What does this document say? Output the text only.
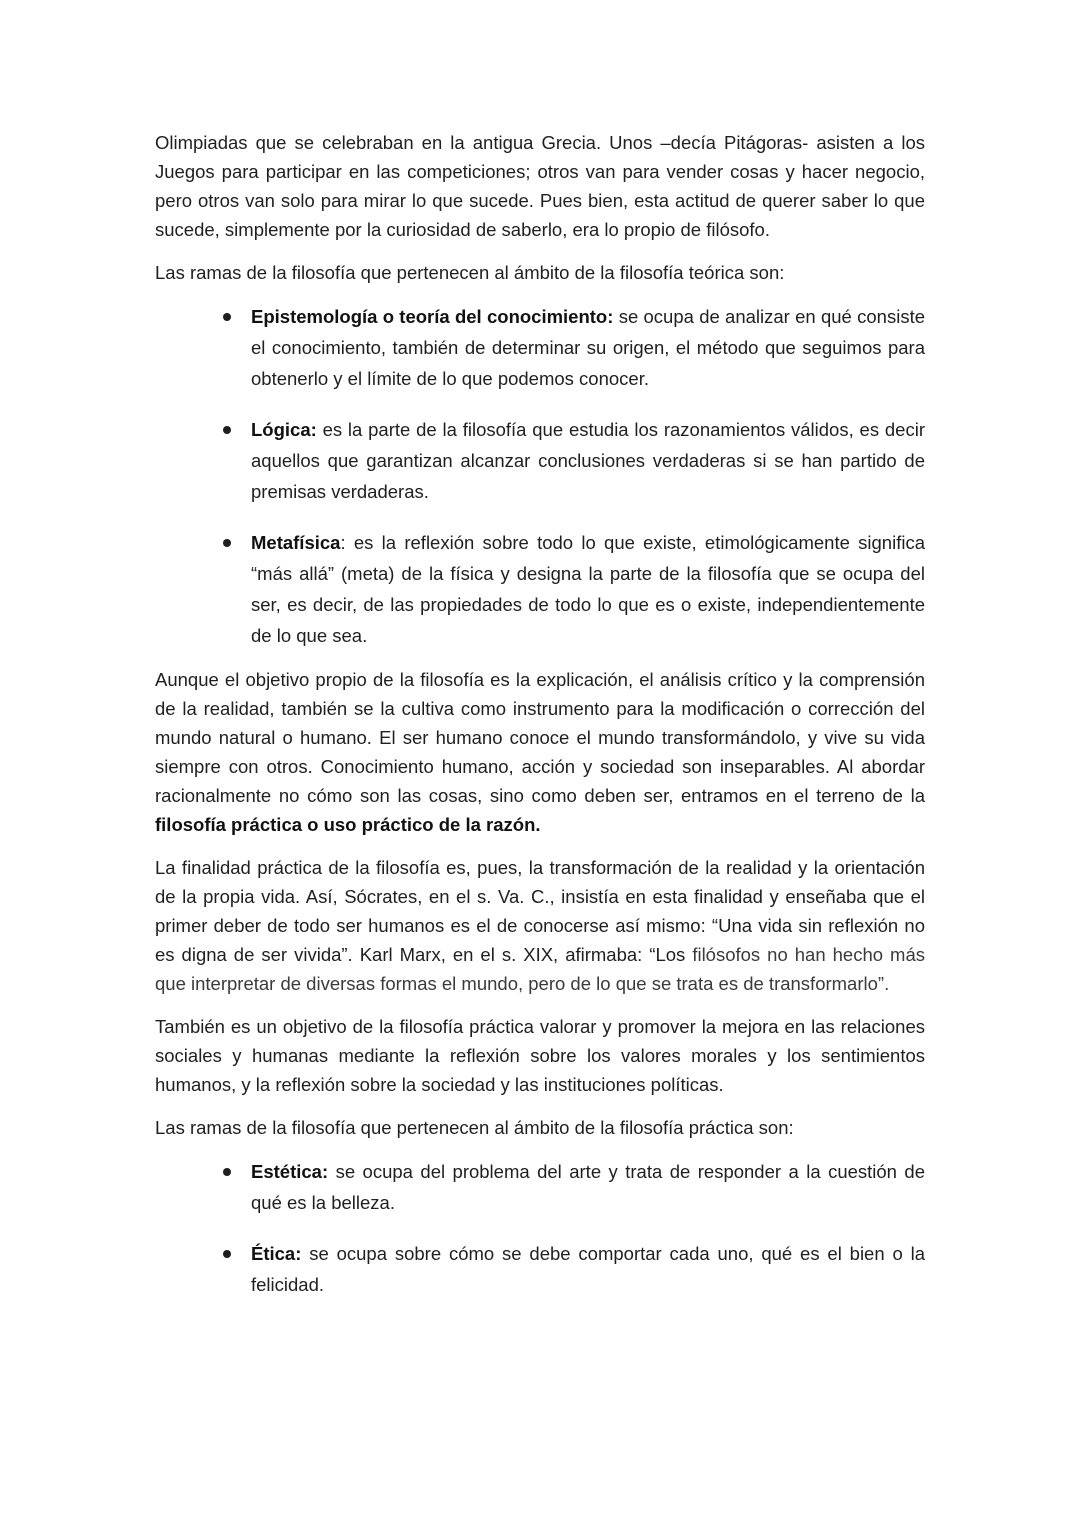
Olimpiadas que se celebraban en la antigua Grecia. Unos –decía Pitágoras- asisten a los Juegos para participar en las competiciones; otros van para vender cosas y hacer negocio, pero otros van solo para mirar lo que sucede. Pues bien, esta actitud de querer saber lo que sucede, simplemente por la curiosidad de saberlo, era lo propio de filósofo.

Las ramas de la filosofía que pertenecen al ámbito de la filosofía teórica son:

Epistemología o teoría del conocimiento: se ocupa de analizar en qué consiste el conocimiento, también de determinar su origen, el método que seguimos para obtenerlo y el límite de lo que podemos conocer.
Lógica: es la parte de la filosofía que estudia los razonamientos válidos, es decir aquellos que garantizan alcanzar conclusiones verdaderas si se han partido de premisas verdaderas.
Metafísica: es la reflexión sobre todo lo que existe, etimológicamente significa “más allá” (meta) de la física y designa la parte de la filosofía que se ocupa del ser, es decir, de las propiedades de todo lo que es o existe, independientemente de lo que sea.

Aunque el objetivo propio de la filosofía es la explicación, el análisis crítico y la comprensión de la realidad, también se la cultiva como instrumento para la modificación o corrección del mundo natural o humano. El ser humano conoce el mundo transformándolo, y vive su vida siempre con otros. Conocimiento humano, acción y sociedad son inseparables. Al abordar racionalmente no cómo son las cosas, sino como deben ser, entramos en el terreno de la filosofía práctica o uso práctico de la razón.

La finalidad práctica de la filosofía es, pues, la transformación de la realidad y la orientación de la propia vida. Así, Sócrates, en el s. Va. C., insistía en esta finalidad y enseñaba que el primer deber de todo ser humanos es el de conocerse así mismo: “Una vida sin reflexión no es digna de ser vivida”. Karl Marx, en el s. XIX, afirmaba: “Los filósofos no han hecho más que interpretar de diversas formas el mundo, pero de lo que se trata es de transformarlo”.

También es un objetivo de la filosofía práctica valorar y promover la mejora en las relaciones sociales y humanas mediante la reflexión sobre los valores morales y los sentimientos humanos, y la reflexión sobre la sociedad y las instituciones políticas.

Las ramas de la filosofía que pertenecen al ámbito de la filosofía práctica son:

Estética: se ocupa del problema del arte y trata de responder a la cuestión de qué es la belleza.
Ética: se ocupa sobre cómo se debe comportar cada uno, qué es el bien o la felicidad.
